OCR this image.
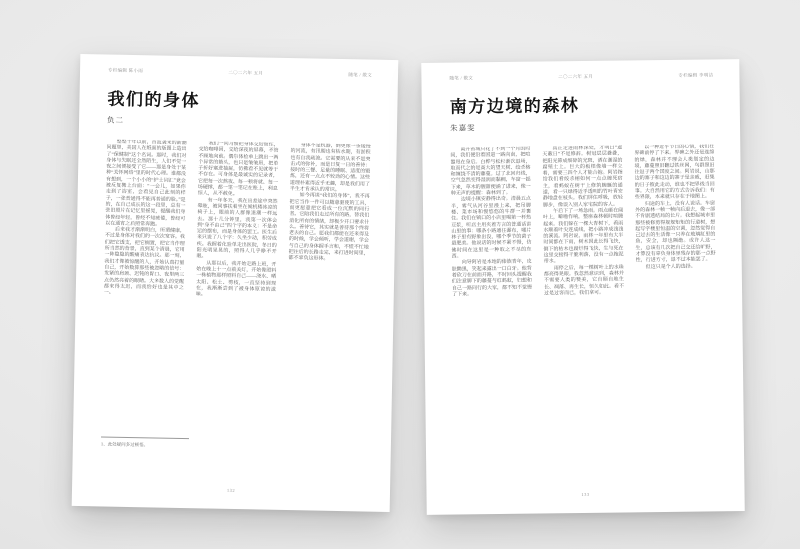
专栏编辑 陈小雨	二〇二六年 五月	随笔 / 散文
我们的身体
负二

整整十年以前，首波袭来的新潮问题里，美国人在纸面的版图上造出了“保健制”这个名词。那时，我们对身体与失眠还全然陌生，人们不觉一夜之间便接受了它——那是身处于某种“关怀网络”里的时代心理。谁都没有想到，一个小小的“护士词汇”竟会被反复搬上台面：“一会儿，如果你走到了浴室，会看见自己此刻的样子，一张普通得不能再普通的脸。”是的，在自己成长的这一段里，总有一张旧照片在记忆里摇晃，提醒我们身体曾经年轻，曾经不知疲倦，曾经可以在通宵之后照常奔跑。

后来我才渐渐明白，所谓健康，不过是身体对我们的一次次宽容。我们把它透支，把它搁置，把它当作理所当然的背景，直到某个清晨，它用一阵隐隐的酸痛表达抗议。那一刻，我们才像被惊醒的人，开始认真打量自己，开始数算那些被忽略的信号：发紧的肩颈、迟钝的胃口、夜里两三点仍然亮着的眼睛。大多数人的觉醒都来得太迟，而我恰好也是其中之一。

我们一向习惯把身体交给惯性，交给咖啡因，交给深夜的屏幕，不管不顾地向前。偶尔体检单上跳出一两个异常的箭头，也只是皱皱眉，把单子折好塞进抽屉，仿佛看不见就等于不存在。可身体是最诚实的记录者，它把每一次熬夜、每一顿将就、每一场硬撑，都一笔一笔记在账上，利息惊人，从不赦免。

有一年冬天，我在出差途中突然晕眩，被同事扶着坐在候机楼冰凉的椅子上，眼前的人群像退潮一样远去。那十几分钟里，我第一次体会到“身不由己”四个字的本义：不是命运的摆布，而是身体的罢工。医生后来只说了八个字：久坐少动，积劳成疾。我握着化验单走出医院，冬日的阳光明晃晃的，照得人几乎睁不开眼。

从那以后，我开始走路上班，开始在晚上十一点前关灯，开始像照料一株植物那样照料自己——浇水、晒太阳、松土、剪枝，一直坚持到现在，我渐渐尝到了被身体原谅的滋味。

身体不是机器，倒更像一条缓慢的河流，有汛期也有枯水期，有淤积也有自我疏浚。它需要的从来不是突击式的弥补，而是日复一日的善待：按时的三餐、足量的睡眠、适度的锻炼，还有一点点不较劲的心情。这些道理朴素得近乎无趣，却是我们用了半生才肯承认的常识。

如今再谈“我们的身体”，我不再把它当作一件可以随意驱使的工具，而更愿意把它看成一位沉默的同行者。它陪我们走过所有的路，替我们消化所有的情绪，却极少开口要求什么。善待它，其实就是善待那个终将老去的自己。愿我们都能在还来得及的时候，学会倾听，学会道谢，学会与自己的身体握手言和，不慌不忙地把往后的长路走完，来打进时间里，都不辜负这形体。

1、此处疑问多过顿悟。

132
随笔 / 散文	二〇二六年 五月	专栏编辑 李明洁
南方边境的森林
朱嘉雯

离开省城只花了不到一个月的时间，我们便沿着国道一路向南，把喧嚣甩在身后。白桦与松杉渐次退场，取而代之的是高大的望天树、绞杀榕和缠绕不清的藤蔓。过了北回归线，空气忽然变得湿润而黏稠，车窗一摇下来，草木的腥甜便涌了进来，像一种无声的提醒：森林到了。

边境小镇安静得出奇。清晨五点半，雾气从河谷里漫上来，把吊脚楼、菜市场和慢悠悠的牛群一并裹住。我们在镇口的小店里喝第一杯热豆浆，听店主用夹着方言的普通话讲山里的事：哪条小路通往瀑布，哪片林子里有野象出没，哪个季节的菌子最肥美。他说话的时候不紧不慢，仿佛时间在这里是一种取之不尽的东西。

向导阿岩是本地的傣族青年，皮肤黝黑，笑起来露出一口白牙。他背着砍刀在前面开路，不时回头提醒我们注意脚下的藤蔓与红蚂蚁，妇想和自己一路同行的大家，都不知不觉慢了下来。

真正走进雨林深处，才明白“遮天蔽日”不是修辞。树冠层层叠叠，把阳光筛成细碎的光斑，洒在潮湿的腐殖土上。巨大的板根像墙一样立着，需要三四个人才能合抱。阿岩指给我们看绞杀榕如何一点点缠死宿主，看蚂蚁在树干上修筑蜿蜒的通道，看一只绿得近乎透明的竹叶青安静地盘在枝头。我们屏住呼吸，放轻脚步，像误入别人家宅院的客人。

午后下了一场急雨。雨点砸在阔叶上，噼啪作响，整座森林顿时喧腾起来。我们躲在一棵大青树下，看雨水顺着叶尖连成线，把小路冲成浅浅的溪流。阿岩说，雨林一年里有大半时间都在下雨，树木因此长得飞快，倒下的枯木也腐烂得飞快，生与死在这里交接得干脆利落，没有一点拖泥带水。

雨停之后，每一棵树叶上的水珠都亮得晃眼。我忽然意识到，森林并不需要人类的赞美，它自顾自地生长、凋落、再生长，恒久如此。看不过是过客而已，我们拿可。

以一种近乎节日的心情，我们在界碑前停了下来。界碑之外还是连绵的绿，森林并不理会人类划定的边境，藤蔓照旧翻过铁丝网，鸟群照旧往返于两个国度之间。阿岩说，山那边的寨子和这边的寨子是亲戚，赶集的日子彼此走动，谁也不把界线当回事。大自然用它的方式告诉我们：有些界限，本来就只存在于地图上。

归途的车上，没有人说话。车窗外的森林一帧一帧向后退去，像一部不肯剧透结局的长片。我想起城市里那些被修剪得规规矩矩的行道树，想起写字楼里恒温的空调，忽然觉得自己过去的生活像一只养在玻璃缸里的鱼，安全，却也隔绝。或许人这一生，总该有几次把自己交还给旷野，才算没有辜负身体里残存的那一点野性，行进方寸，退不过本能罢了。

但这只是个人的选择。

133
